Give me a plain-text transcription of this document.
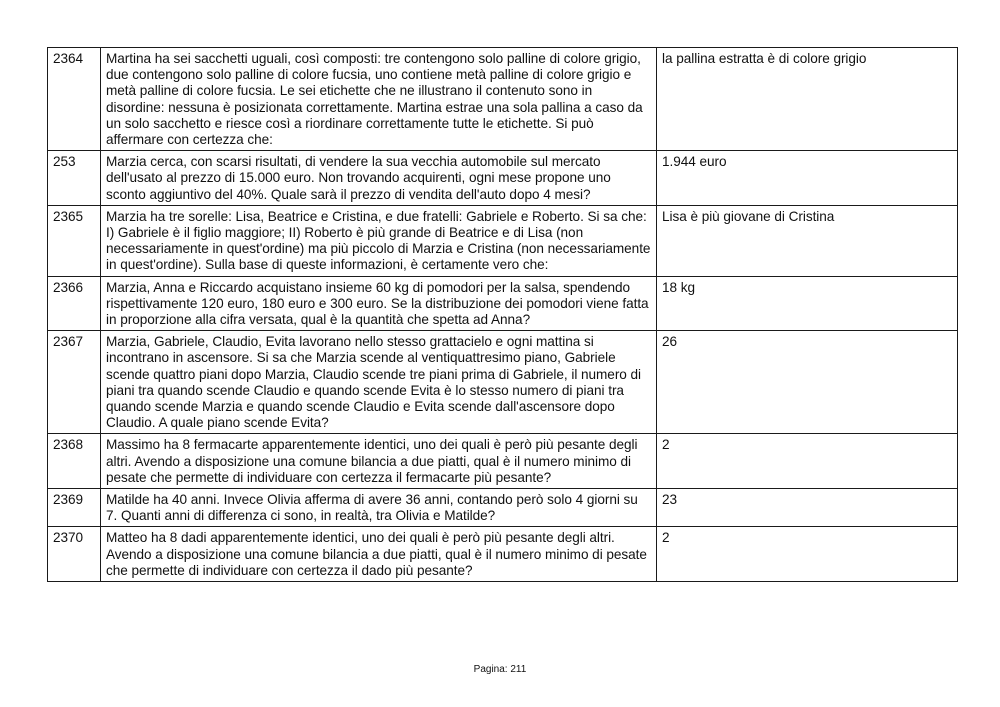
2364	Martina ha sei sacchetti uguali, così composti: tre contengono solo palline di colore grigio, due contengono solo palline di colore fucsia, uno contiene metà palline di colore grigio e metà palline di colore fucsia. Le sei etichette che ne illustrano il contenuto sono in disordine: nessuna è posizionata correttamente. Martina estrae una sola pallina a caso da un solo sacchetto e riesce così a riordinare correttamente tutte le etichette. Si può affermare con certezza che:	la pallina estratta è di colore grigio
253	Marzia cerca, con scarsi risultati, di vendere la sua vecchia automobile sul mercato dell'usato al prezzo di 15.000 euro. Non trovando acquirenti, ogni mese propone uno sconto aggiuntivo del 40%. Quale sarà il prezzo di vendita dell'auto dopo 4 mesi?	1.944 euro
2365	Marzia ha tre sorelle: Lisa, Beatrice e Cristina, e due fratelli: Gabriele e Roberto. Si sa che: I) Gabriele è il figlio maggiore; II) Roberto è più grande di Beatrice e di Lisa (non necessariamente in quest'ordine) ma più piccolo di Marzia e Cristina (non necessariamente in quest'ordine). Sulla base di queste informazioni, è certamente vero che:	Lisa è più giovane di Cristina
2366	Marzia, Anna e Riccardo acquistano insieme 60 kg di pomodori per la salsa, spendendo rispettivamente 120 euro, 180 euro e 300 euro. Se la distribuzione dei pomodori viene fatta in proporzione alla cifra versata, qual è la quantità che spetta ad Anna?	18 kg
2367	Marzia, Gabriele, Claudio, Evita lavorano nello stesso grattacielo e ogni mattina si incontrano in ascensore. Si sa che Marzia scende al ventiquattresimo piano, Gabriele scende quattro piani dopo Marzia, Claudio scende tre piani prima di Gabriele, il numero di piani tra quando scende Claudio e quando scende Evita è lo stesso numero di piani tra quando scende Marzia e quando scende Claudio e Evita scende dall'ascensore dopo Claudio. A quale piano scende Evita?	26
2368	Massimo ha 8 fermacarte apparentemente identici, uno dei quali è però più pesante degli altri. Avendo a disposizione una comune bilancia a due piatti, qual è il numero minimo di pesate che permette di individuare con certezza il fermacarte più pesante?	2
2369	Matilde ha 40 anni. Invece Olivia afferma di avere 36 anni, contando però solo 4 giorni su 7. Quanti anni di differenza ci sono, in realtà, tra Olivia e Matilde?	23
2370	Matteo ha 8 dadi apparentemente identici, uno dei quali è però più pesante degli altri. Avendo a disposizione una comune bilancia a due piatti, qual è il numero minimo di pesate che permette di individuare con certezza il dado più pesante?	2
Pagina: 211
